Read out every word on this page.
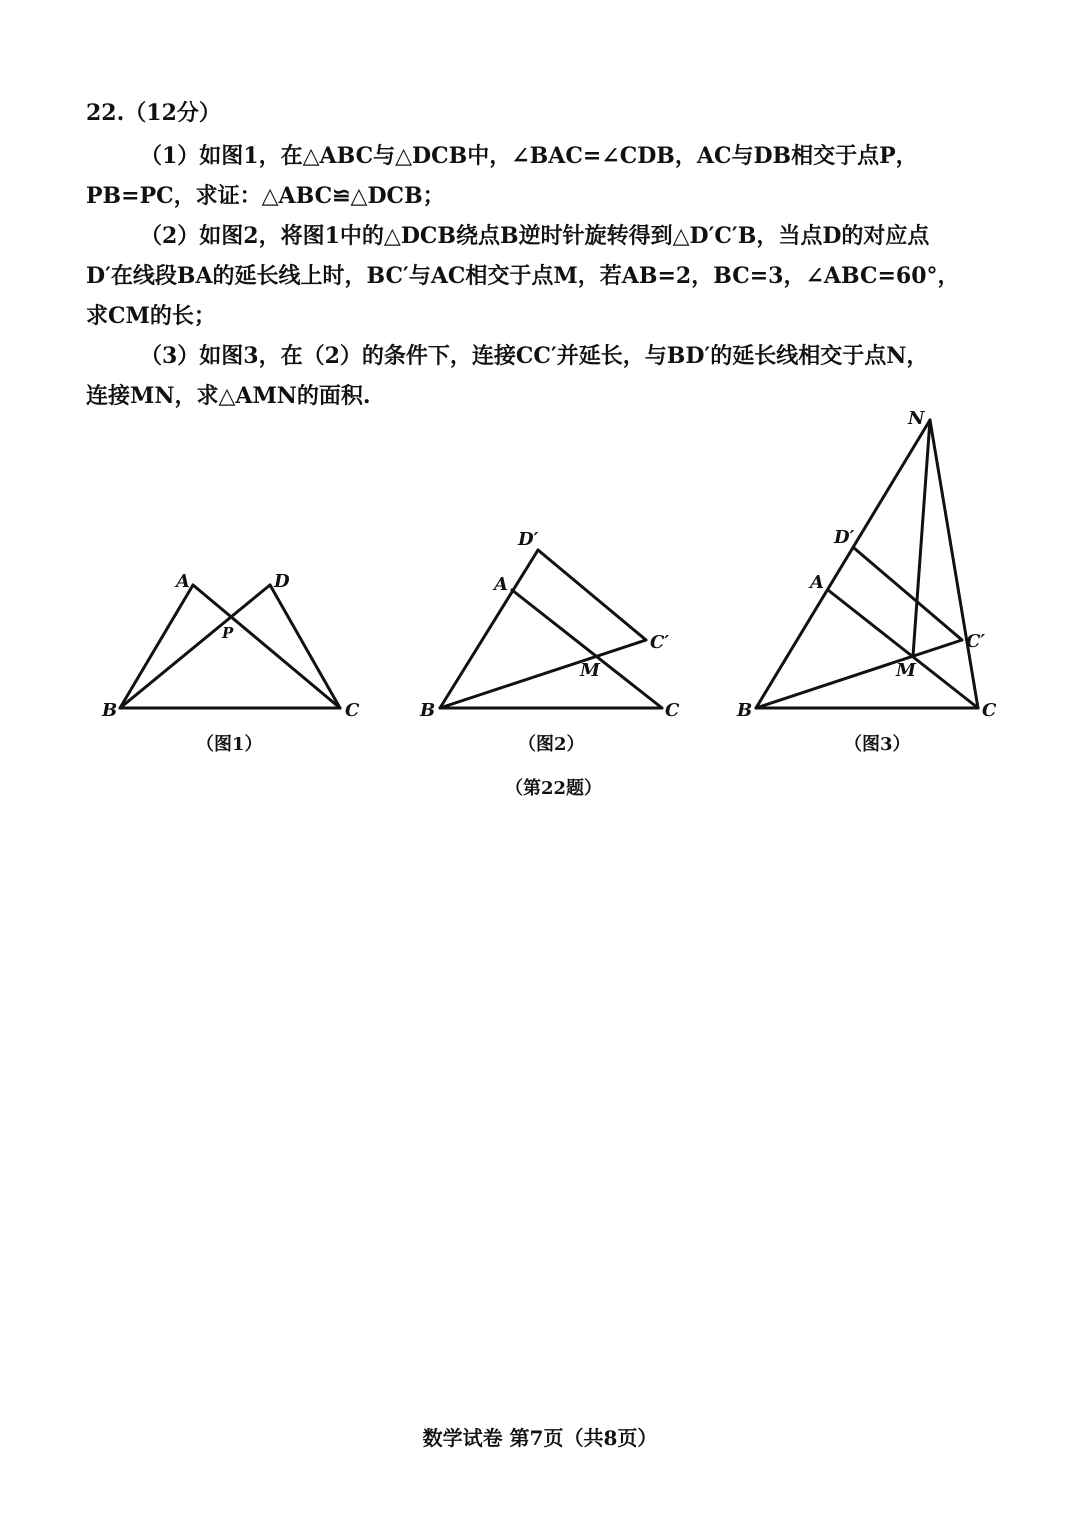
22.（12分）
（1）如图1，在△ABC与△DCB中，∠BAC=∠CDB，AC与DB相交于点P，
PB=PC，求证：△ABC≌△DCB；
（2）如图2，将图1中的△DCB绕点B逆时针旋转得到△D′C′B，当点D的对应点
D′在线段BA的延长线上时，BC′与AC相交于点M，若AB=2，BC=3，∠ABC=60°，
求CM的长；
（3）如图3，在（2）的条件下，连接CC′并延长，与BD′的延长线相交于点N，
连接MN，求△AMN的面积.
A	D
P
B	C
D′
A
C′
M
B	C
N
D′
A
C′
M
B	C
（图1）	（图2）	（图3）
（第22题）
数学试卷 第7页（共8页）
